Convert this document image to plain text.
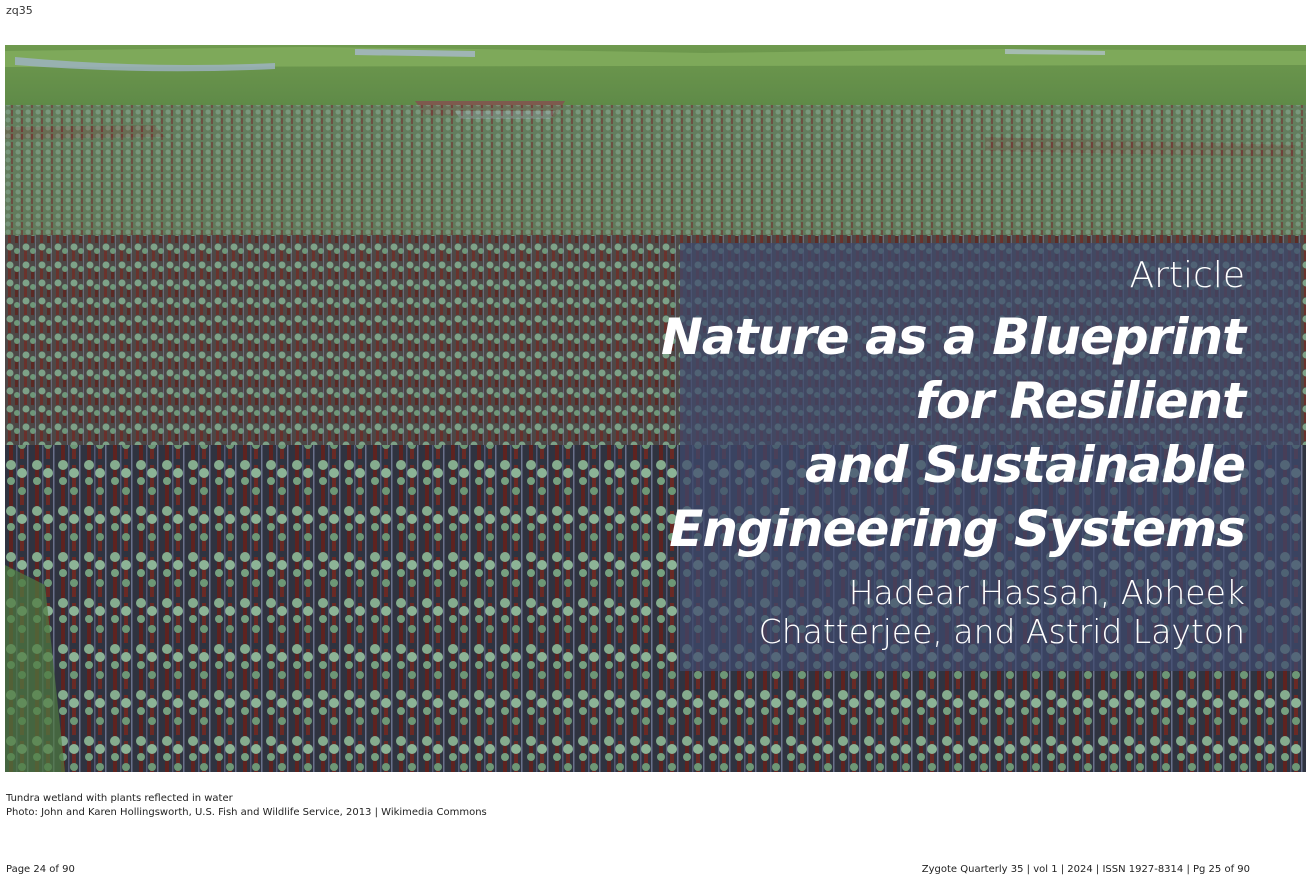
zq35
Article
Nature as a Blueprint
for Resilient
and Sustainable
Engineering Systems
Hadear Hassan, Abheek
Chatterjee, and Astrid Layton
Tundra wetland with plants reflected in water
Photo: John and Karen Hollingsworth, U.S. Fish and Wildlife Service, 2013 | Wikimedia Commons
Page 24 of 90	Zygote Quarterly 35 | vol 1 | 2024 | ISSN 1927-8314 | Pg 25 of 90
